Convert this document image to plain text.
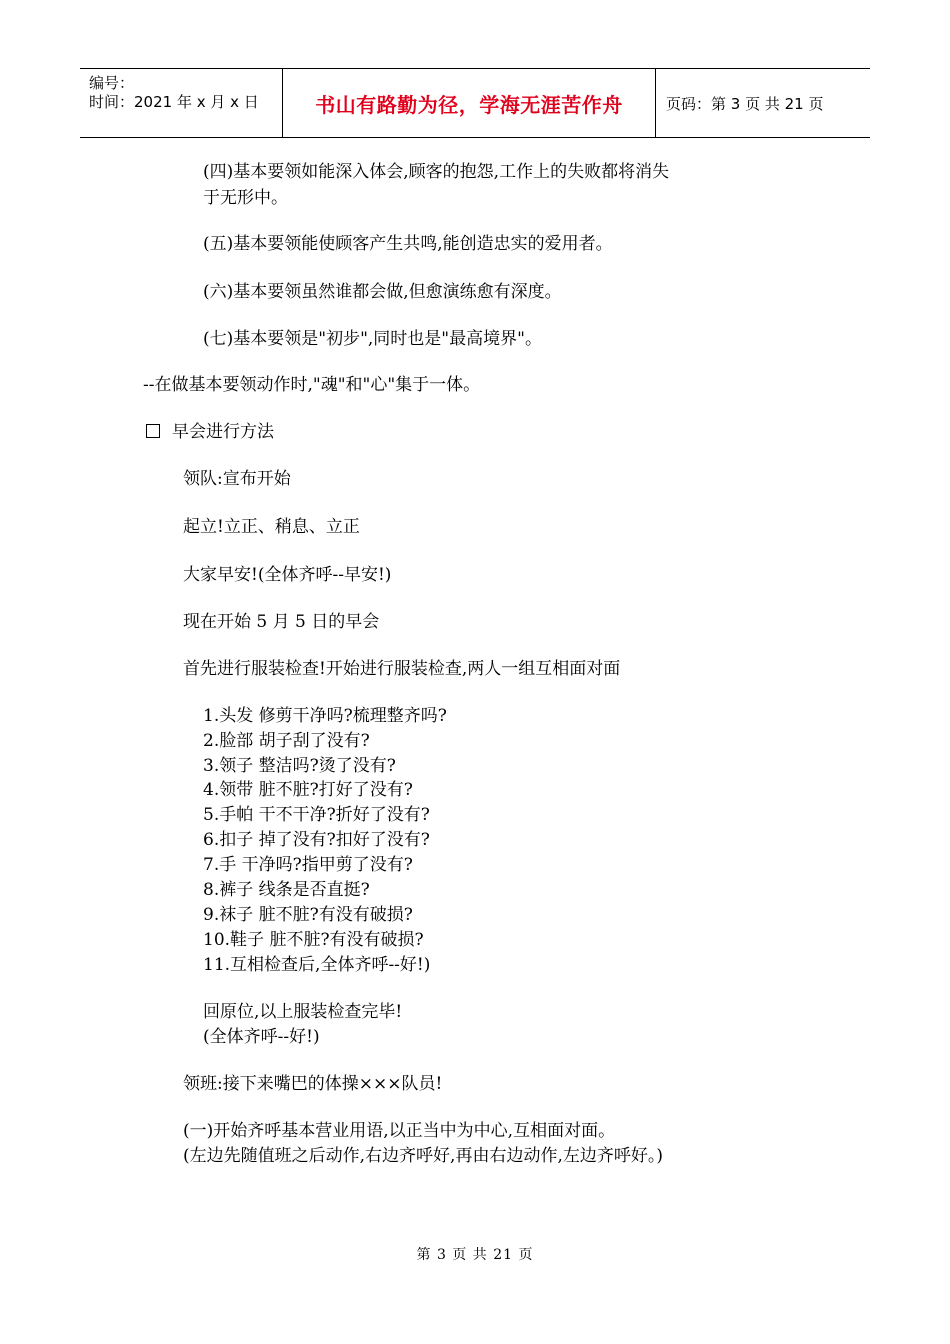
编号：
时间：2021 年 x 月 x 日	书山有路勤为径，学海无涯苦作舟	页码：第 3 页 共 21 页
(四)基本要领如能深入体会,顾客的抱怨,工作上的失败都将消失
于无形中。
(五)基本要领能使顾客产生共鸣,能创造忠实的爱用者。
(六)基本要领虽然谁都会做,但愈演练愈有深度。
(七)基本要领是"初步",同时也是"最高境界"。
--在做基本要领动作时,"魂"和"心"集于一体。
早会进行方法
领队:宣布开始
起立!立正、稍息、立正
大家早安!(全体齐呼--早安!)
现在开始 5 月 5 日的早会
首先进行服装检查!开始进行服装检查,两人一组互相面对面
1.头发 修剪干净吗?梳理整齐吗?
2.脸部 胡子刮了没有?
3.领子 整洁吗?烫了没有?
4.领带 脏不脏?打好了没有?
5.手帕 干不干净?折好了没有?
6.扣子 掉了没有?扣好了没有?
7.手 干净吗?指甲剪了没有?
8.裤子 线条是否直挺?
9.袜子 脏不脏?有没有破损?
10.鞋子 脏不脏?有没有破损?
11.互相检查后,全体齐呼--好!)
回原位,以上服装检查完毕!
(全体齐呼--好!)
领班:接下来嘴巴的体操×××队员!
(一)开始齐呼基本营业用语,以正当中为中心,互相面对面。
(左边先随值班之后动作,右边齐呼好,再由右边动作,左边齐呼好。)
第 3 页 共 21 页
